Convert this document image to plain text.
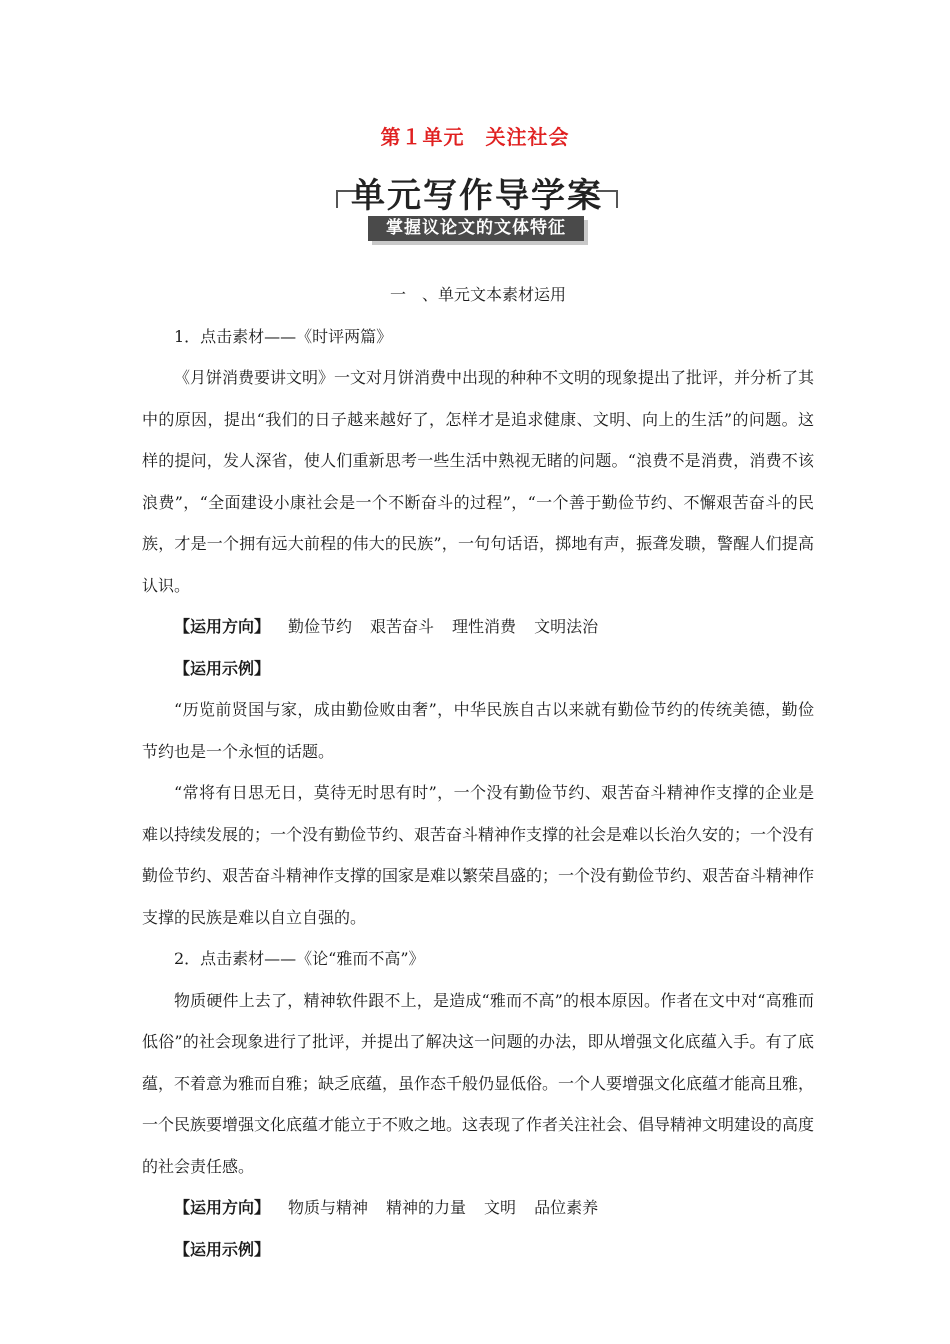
第１单元　关注社会
单元写作导学案
掌握议论文的文体特征

一　、单元文本素材运用

1．点击素材——《时评两篇》

《月饼消费要讲文明》一文对月饼消费中出现的种种不文明的现象提出了批评，并分析了其中的原因，提出“我们的日子越来越好了，怎样才是追求健康、文明、向上的生活”的问题。这样的提问，发人深省，使人们重新思考一些生活中熟视无睹的问题。“浪费不是消费，消费不该浪费”，“全面建设小康社会是一个不断奋斗的过程”，“一个善于勤俭节约、不懈艰苦奋斗的民族，才是一个拥有远大前程的伟大的民族”，一句句话语，掷地有声，振聋发聩，警醒人们提高认识。

【运用方向】 勤俭节约 艰苦奋斗 理性消费 文明法治

【运用示例】

“历览前贤国与家，成由勤俭败由奢”，中华民族自古以来就有勤俭节约的传统美德，勤俭节约也是一个永恒的话题。

“常将有日思无日，莫待无时思有时”，一个没有勤俭节约、艰苦奋斗精神作支撑的企业是难以持续发展的；一个没有勤俭节约、艰苦奋斗精神作支撑的社会是难以长治久安的；一个没有勤俭节约、艰苦奋斗精神作支撑的国家是难以繁荣昌盛的；一个没有勤俭节约、艰苦奋斗精神作支撑的民族是难以自立自强的。

2．点击素材——《论“雅而不高”》

物质硬件上去了，精神软件跟不上，是造成“雅而不高”的根本原因。作者在文中对“高雅而低俗”的社会现象进行了批评，并提出了解决这一问题的办法，即从增强文化底蕴入手。有了底蕴，不着意为雅而自雅；缺乏底蕴，虽作态千般仍显低俗。一个人要增强文化底蕴才能高且雅，一个民族要增强文化底蕴才能立于不败之地。这表现了作者关注社会、倡导精神文明建设的高度的社会责任感。

【运用方向】 物质与精神 精神的力量 文明 品位素养

【运用示例】
